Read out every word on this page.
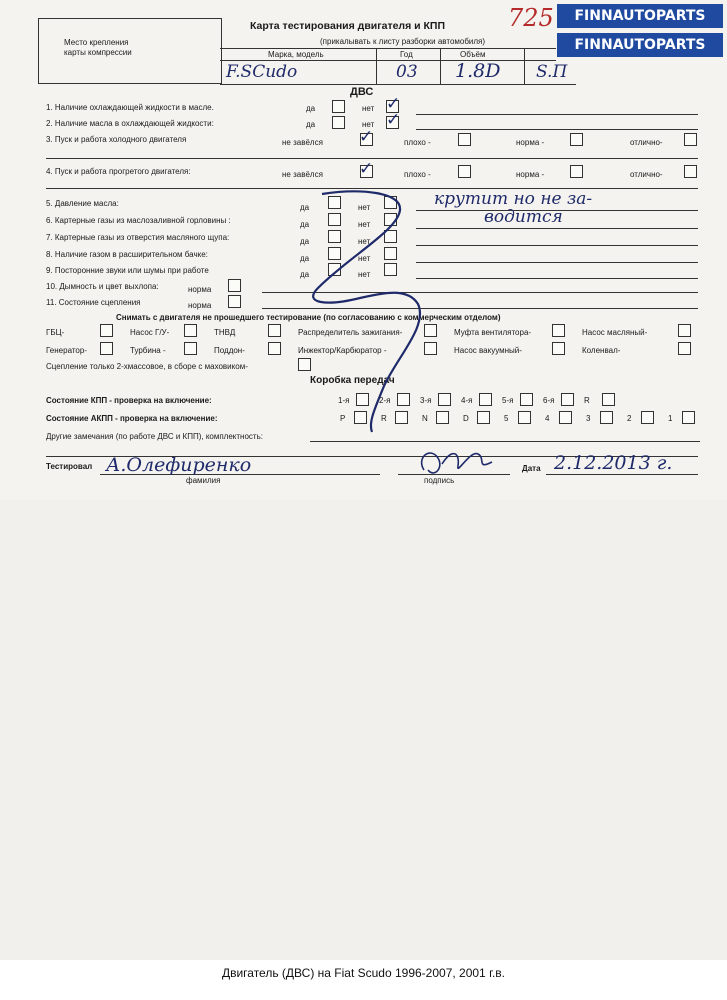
FINNAUTOPARTS
FINNAUTOPARTS
Место крепления
карты компрессии
Карта тестирования двигателя и КПП
(прикалывать к листу разборки автомобиля)
725
Марка, модель	Год	Объём
F.SCudo	03 1.8D S.П
ДВС
1. Наличие охлаждающей жидкости в масле.	да	нет ✓
2. Наличие масла в охлаждающей жидкости:	да	нет ✓
3. Пуск и работа холодного двигателя	не завёлся ✓	плохо -	норма -	отлично-
4. Пуск и работа прогретого двигателя:	не завёлся ✓	плохо -	норма -	отлично-
5. Давление масла:	да	нет
6. Картерные газы из маслозаливной горловины :	да	нет
7. Картерные газы из отверстия масляного щупа:	да	нет
8. Наличие газом в расширительном бачке:	да	нет
9. Посторонние звуки или шумы при работе	да	нет
10. Дымность и цвет выхлопа:	норма
11. Состояние сцепления	норма
крутит но не за-
водится
Снимать с двигателя не прошедшего тестирование (по согласованию с коммерческим отделом)
ГБЦ-	Насос Г/У-	ТНВД	Распределитель зажигания-	Муфта вентилятора-	Насос масляный-
Генератор-	Турбина -	Поддон-	Инжектор/Карбюратор -	Насос вакуумный-	Коленвал-
Сцепление только 2-хмассовое, в сборе с маховиком-
Коробка передач
Состояние КПП - проверка на включение:
Состояние АКПП - проверка на включение:
Другие замечания (по работе ДВС и КПП), комплектность:
Тестировал А.Олефиренко
фамилия	подпись
Дата 2.12.2013 г.
1-я	2-я	3-я	4-я	5-я	6-я	R
P	R	N	D	5	4	3	2	1
Двигатель (ДВС) на Fiat Scudo 1996-2007, 2001 г.в.
